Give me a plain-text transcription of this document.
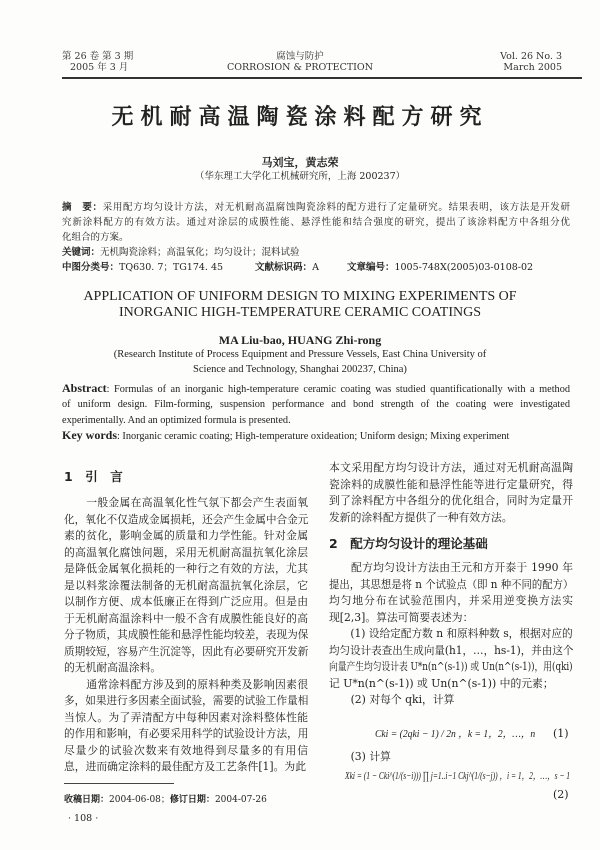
第 26 卷 第 3 期
2005 年 3 月
腐蚀与防护
CORROSION & PROTECTION
Vol. 26 No. 3
March 2005
无机耐高温陶瓷涂料配方研究
马刘宝，黄志荣
（华东理工大学化工机械研究所，上海 200237）
摘　要：采用配方均匀设计方法，对无机耐高温腐蚀陶瓷涂料的配方进行了定量研究。结果表明，该方法是开发研
究新涂料配方的有效方法。通过对涂层的成膜性能、悬浮性能和结合强度的研究，提出了该涂料配方中各组分优
化组合的方案。
关键词：无机陶瓷涂料；高温氧化；均匀设计；混料试验
中图分类号：TQ630. 7；TG174. 45	文献标识码：A	文章编号：1005-748X(2005)03-0108-02
APPLICATION OF UNIFORM DESIGN TO MIXING EXPERIMENTS OF
INORGANIC HIGH-TEMPERATURE CERAMIC COATINGS
MA Liu-bao, HUANG Zhi-rong
(Research Institute of Process Equipment and Pressure Vessels, East China University of
Science and Technology, Shanghai 200237, China)
Abstract: Formulas of an inorganic high-temperature ceramic coating was studied quantificationally with a method
of uniform design. Film-forming, suspension performance and bond strength of the coating were investigated
experimentally. And an optimized formula is presented.
Key words: Inorganic ceramic coating; High-temperature oxideation; Uniform design; Mixing experiment
1　引　言
　　一般金属在高温氧化性气氛下都会产生表面氧
化，氧化不仅造成金属损耗，还会产生金属中合金元
素的贫化，影响金属的质量和力学性能。针对金属
的高温氧化腐蚀问题，采用无机耐高温抗氧化涂层
是降低金属氧化损耗的一种行之有效的方法，尤其
是以料浆涂覆法制备的无机耐高温抗氧化涂层，它
以制作方便、成本低廉正在得到广泛应用。但是由
于无机耐高温涂料中一般不含有成膜性能良好的高
分子物质，其成膜性能和悬浮性能均较差，表现为保
质期较短，容易产生沉淀等，因此有必要研究开发新
的无机耐高温涂料。
　　通常涂料配方涉及到的原料种类及影响因素很
多，如果进行多因素全面试验，需要的试验工作量相
当惊人。为了弄清配方中每种因素对涂料整体性能
的作用和影响，有必要采用科学的试验设计方法，用
尽量少的试验次数来有效地得到尽量多的有用信
息，进而确定涂料的最佳配方及工艺条件[1]。为此
本文采用配方均匀设计方法，通过对无机耐高温陶
瓷涂料的成膜性能和悬浮性能等进行定量研究，得
到了涂料配方中各组分的优化组合，同时为定量开
发新的涂料配方提供了一种有效方法。
2　配方均匀设计的理论基础
　　配方均匀设计方法由王元和方开泰于 1990 年
提出，其思想是将 n 个试验点（即 n 种不同的配方）
均匀地分布在试验范围内，并采用逆变换方法实
现[2,3]。算法可简要表述为：
　　(1) 设给定配方数 n 和原料种数 s，根据对应的
均匀设计表查出生成向量(h1，…，hs-1)，并由这个
向量产生均匀设计表 U*n(n^(s-1)) 或 Un(n^(s-1))，用(qki)
记 U*n(n^(s-1)) 或 Un(n^(s-1)) 中的元素；
　　(2) 对每个 qki，计算
Cki = (2qki − 1) / 2n ，k = 1，2，…，n (1)
　　(3) 计算
Xki = (1 − Cki^(1/(s−i))) ∏ j=1..i−1 Ckj^(1/(s−j)) ，i = 1，2，…，s − 1
(2)
收稿日期：2004-06-08；修订日期：2004-07-26
· 108 ·
